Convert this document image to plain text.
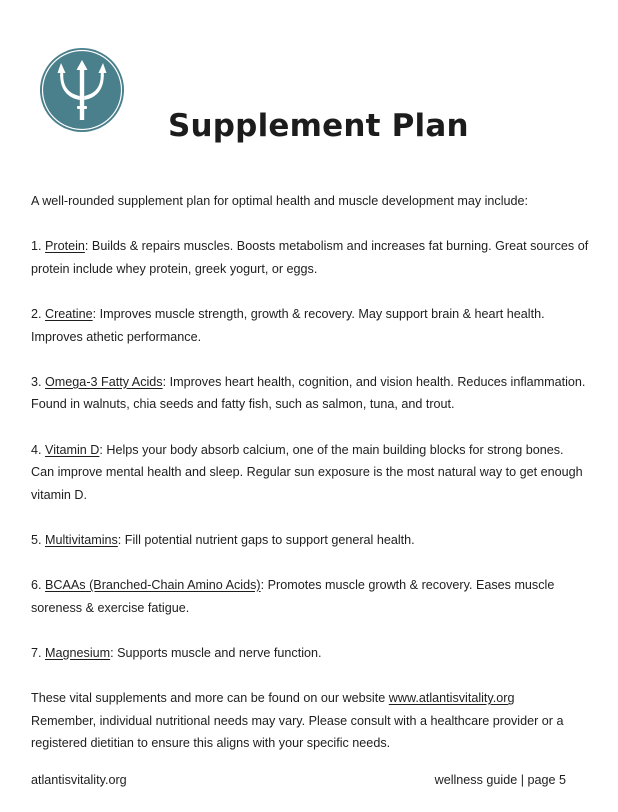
Supplement Plan

A well-rounded supplement plan for optimal health and muscle development may include:

1. Protein: Builds & repairs muscles. Boosts metabolism and increases fat burning. Great sources of protein include whey protein, greek yogurt, or eggs.

2. Creatine: Improves muscle strength, growth & recovery. May support brain & heart health. Improves athetic performance.

3. Omega-3 Fatty Acids: Improves heart health, cognition, and vision health. Reduces inflammation. Found in walnuts, chia seeds and fatty fish, such as salmon, tuna, and trout.

4. Vitamin D: Helps your body absorb calcium, one of the main building blocks for strong bones. Can improve mental health and sleep. Regular sun exposure is the most natural way to get enough vitamin D.

5. Multivitamins: Fill potential nutrient gaps to support general health.

6. BCAAs (Branched-Chain Amino Acids): Promotes muscle growth & recovery. Eases muscle soreness & exercise fatigue.

7. Magnesium: Supports muscle and nerve function.

These vital supplements and more can be found on our website www.atlantisvitality.org
Remember, individual nutritional needs may vary. Please consult with a healthcare provider or a registered dietitian to ensure this aligns with your specific needs.

atlantisvitality.org	wellness guide | page 5
